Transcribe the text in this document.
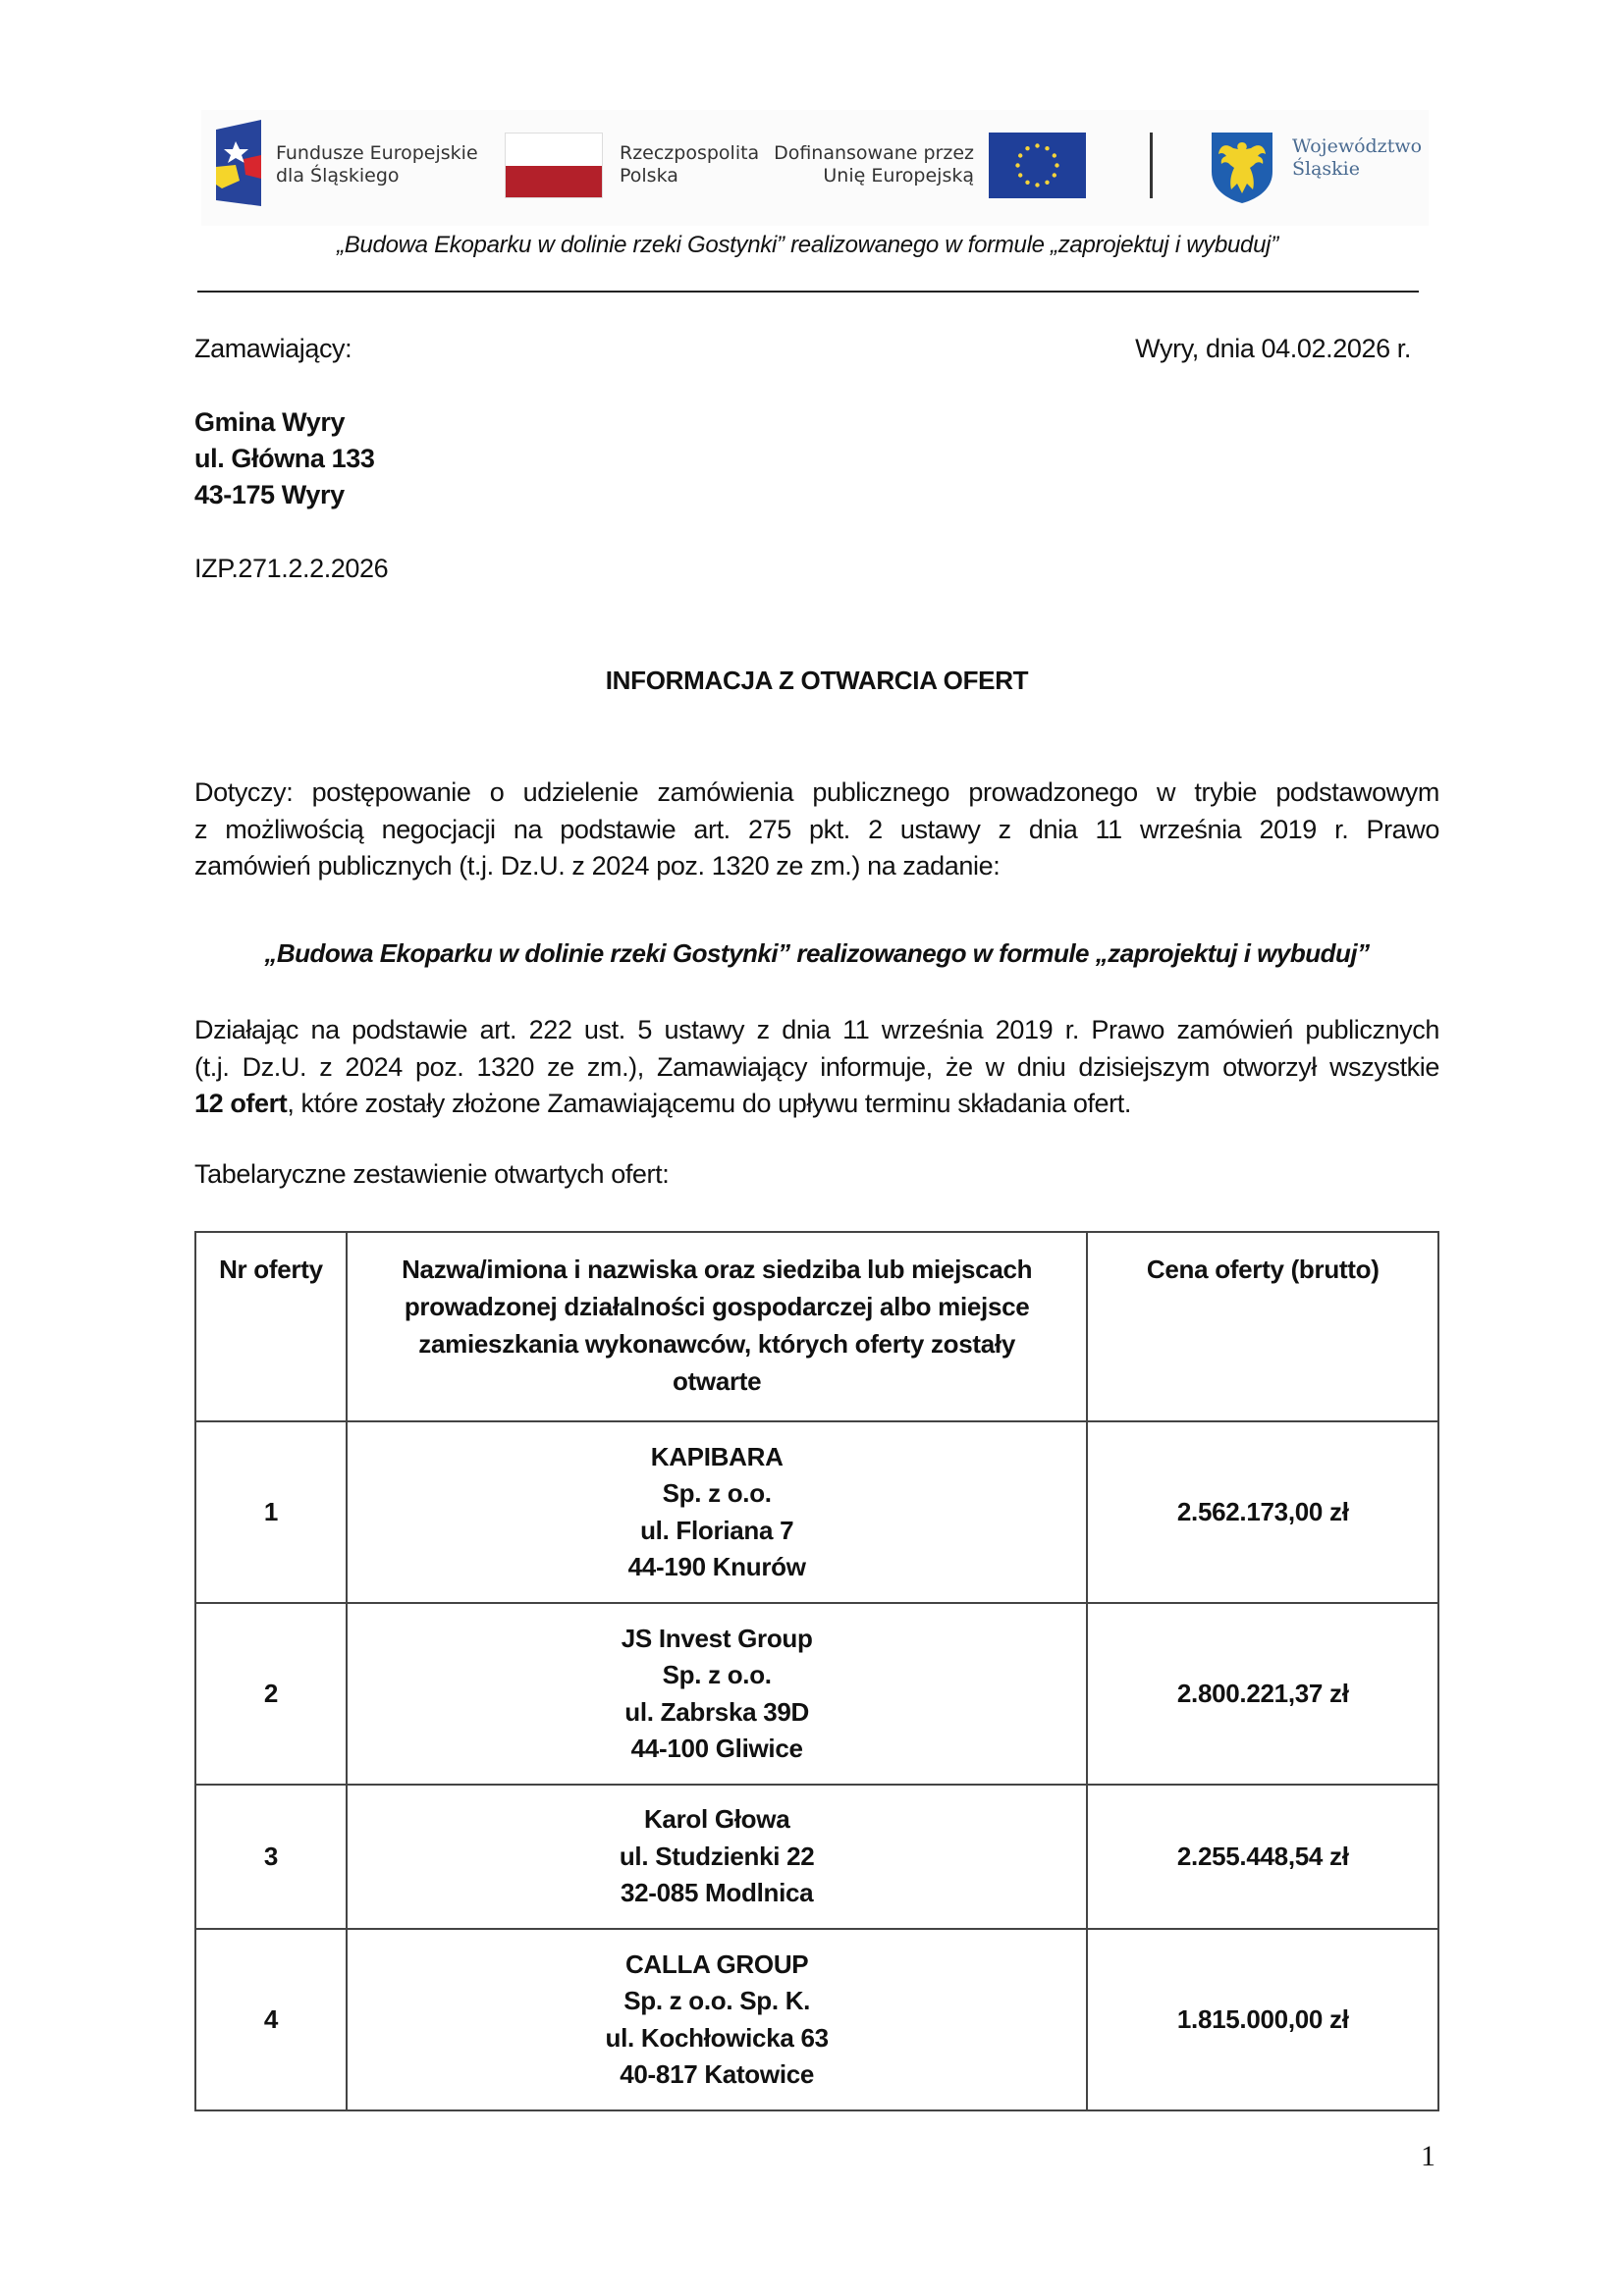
Fundusze Europejskie
dla Śląskiego
Rzeczpospolita
Polska
Dofinansowane przez
Unię Europejską
Województwo
Śląskie
„Budowa Ekoparku w dolinie rzeki Gostynki” realizowanego w formule „zaprojektuj i wybuduj”
Zamawiający:	Wyry, dnia 04.02.2026 r.
Gmina Wyry
ul. Główna 133
43-175 Wyry
IZP.271.2.2.2026
INFORMACJA Z OTWARCIA OFERT
Dotyczy: postępowanie o udzielenie zamówienia publicznego prowadzonego w trybie podstawowym
z możliwością negocjacji na podstawie art. 275 pkt. 2 ustawy z dnia 11 września 2019 r. Prawo
zamówień publicznych (t.j. Dz.U. z 2024 poz. 1320 ze zm.) na zadanie:
„Budowa Ekoparku w dolinie rzeki Gostynki” realizowanego w formule „zaprojektuj i wybuduj”
Działając na podstawie art. 222 ust. 5 ustawy z dnia 11 września 2019 r. Prawo zamówień publicznych
(t.j. Dz.U. z 2024 poz. 1320 ze zm.), Zamawiający informuje, że w dniu dzisiejszym otworzył wszystkie
12 ofert, które zostały złożone Zamawiającemu do upływu terminu składania ofert.
Tabelaryczne zestawienie otwartych ofert:
Nr oferty	Nazwa/imiona i nazwiska oraz siedziba lub miejscach prowadzonej działalności gospodarczej albo miejsce zamieszkania wykonawców, których oferty zostały otwarte	Cena oferty (brutto)
1	KAPIBARA
Sp. z o.o.
ul. Floriana 7
44-190 Knurów	2.562.173,00 zł
2	JS Invest Group
Sp. z o.o.
ul. Zabrska 39D
44-100 Gliwice	2.800.221,37 zł
3	Karol Głowa
ul. Studzienki 22
32-085 Modlnica	2.255.448,54 zł
4	CALLA GROUP
Sp. z o.o. Sp. K.
ul. Kochłowicka 63
40-817 Katowice	1.815.000,00 zł
1
